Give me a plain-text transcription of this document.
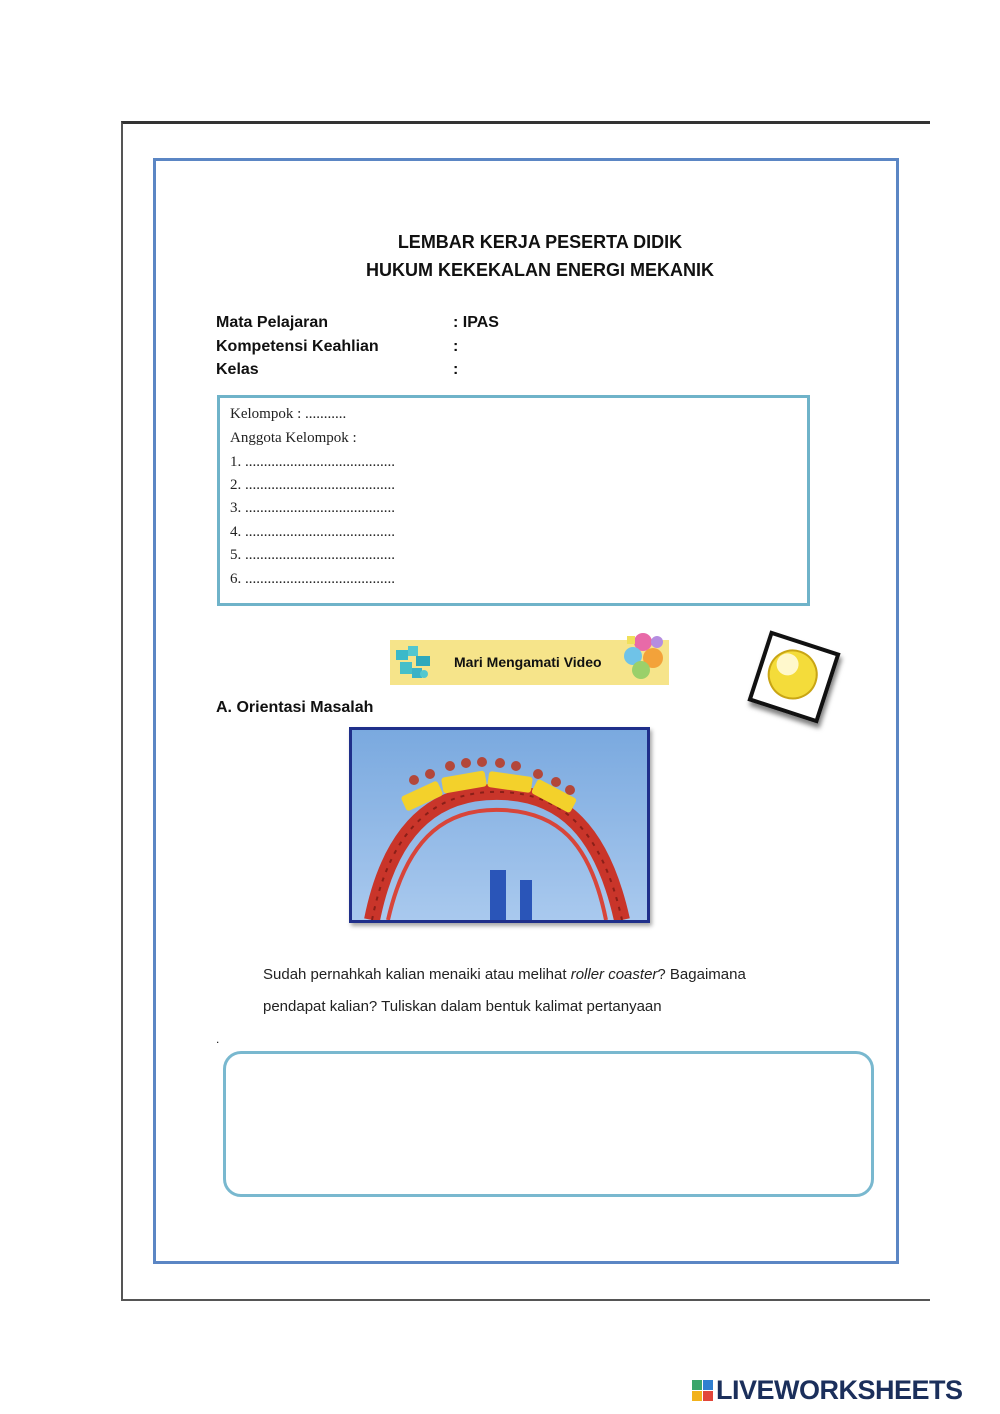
LEMBAR KERJA PESERTA DIDIK
HUKUM KEKEKALAN ENERGI MEKANIK
Mata Pelajaran	: IPAS
Kompetensi Keahlian	:
Kelas	:
Kelompok : ...........
Anggota Kelompok :
1. ........................................
2. ........................................
3. ........................................
4. ........................................
5. ........................................
6. ........................................
Mari Mengamati Video
A. Orientasi Masalah
Sudah pernahkah kalian menaiki atau melihat roller coaster? Bagaimana
pendapat kalian? Tuliskan dalam bentuk kalimat pertanyaan
.
LIVEWORKSHEETS
